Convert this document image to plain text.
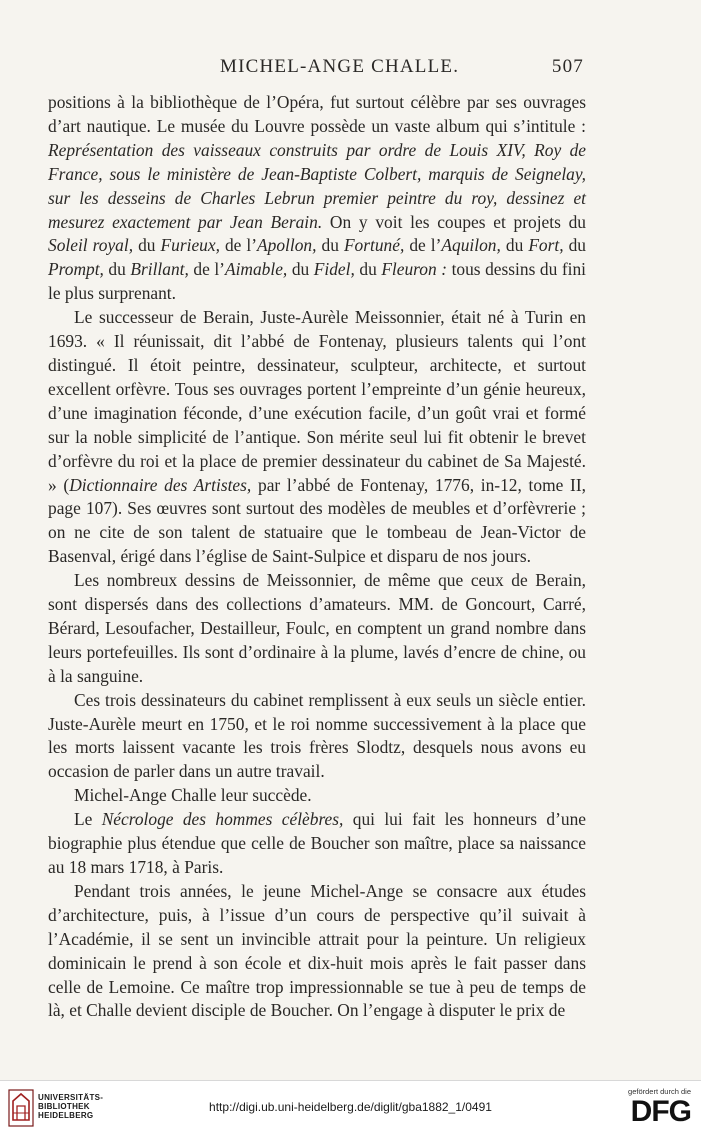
MICHEL-ANGE CHALLE.	507

positions à la bibliothèque de l’Opéra, fut surtout célèbre par ses ouvrages d’art nautique. Le musée du Louvre possède un vaste album qui s’intitule : Représentation des vaisseaux construits par ordre de Louis XIV, Roy de France, sous le ministère de Jean-Baptiste Colbert, marquis de Seignelay, sur les desseins de Charles Lebrun premier peintre du roy, dessinez et mesurez exactement par Jean Berain. On y voit les coupes et projets du Soleil royal, du Furieux, de l’Apollon, du Fortuné, de l’Aquilon, du Fort, du Prompt, du Brillant, de l’Aimable, du Fidel, du Fleuron : tous dessins du fini le plus surprenant.

Le successeur de Berain, Juste-Aurèle Meissonnier, était né à Turin en 1693. « Il réunissait, dit l’abbé de Fontenay, plusieurs talents qui l’ont distingué. Il étoit peintre, dessinateur, sculpteur, architecte, et surtout excellent orfèvre. Tous ses ouvrages portent l’empreinte d’un génie heureux, d’une imagination féconde, d’une exécution facile, d’un goût vrai et formé sur la noble simplicité de l’antique. Son mérite seul lui fit obtenir le brevet d’orfèvre du roi et la place de premier dessinateur du cabinet de Sa Majesté. » (Dictionnaire des Artistes, par l’abbé de Fontenay, 1776, in-12, tome II, page 107). Ses œuvres sont surtout des modèles de meubles et d’orfèvrerie ; on ne cite de son talent de statuaire que le tombeau de Jean-Victor de Basenval, érigé dans l’église de Saint-Sulpice et disparu de nos jours.

Les nombreux dessins de Meissonnier, de même que ceux de Berain, sont dispersés dans des collections d’amateurs. MM. de Goncourt, Carré, Bérard, Lesoufacher, Destailleur, Foulc, en comptent un grand nombre dans leurs portefeuilles. Ils sont d’ordinaire à la plume, lavés d’encre de chine, ou à la sanguine.

Ces trois dessinateurs du cabinet remplissent à eux seuls un siècle entier. Juste-Aurèle meurt en 1750, et le roi nomme successivement à la place que les morts laissent vacante les trois frères Slodtz, desquels nous avons eu occasion de parler dans un autre travail.

Michel-Ange Challe leur succède.

Le Nécrologe des hommes célèbres, qui lui fait les honneurs d’une biographie plus étendue que celle de Boucher son maître, place sa naissance au 18 mars 1718, à Paris.

Pendant trois années, le jeune Michel-Ange se consacre aux études d’architecture, puis, à l’issue d’un cours de perspective qu’il suivait à l’Académie, il se sent un invincible attrait pour la peinture. Un religieux dominicain le prend à son école et dix-huit mois après le fait passer dans celle de Lemoine. Ce maître trop impressionnable se tue à peu de temps de là, et Challe devient disciple de Boucher. On l’engage à disputer le prix de

UNIVERSITÄTS-
BIBLIOTHEK
HEIDELBERG
http://digi.ub.uni-heidelberg.de/diglit/gba1882_1/0491
gefördert durch die
DFG
